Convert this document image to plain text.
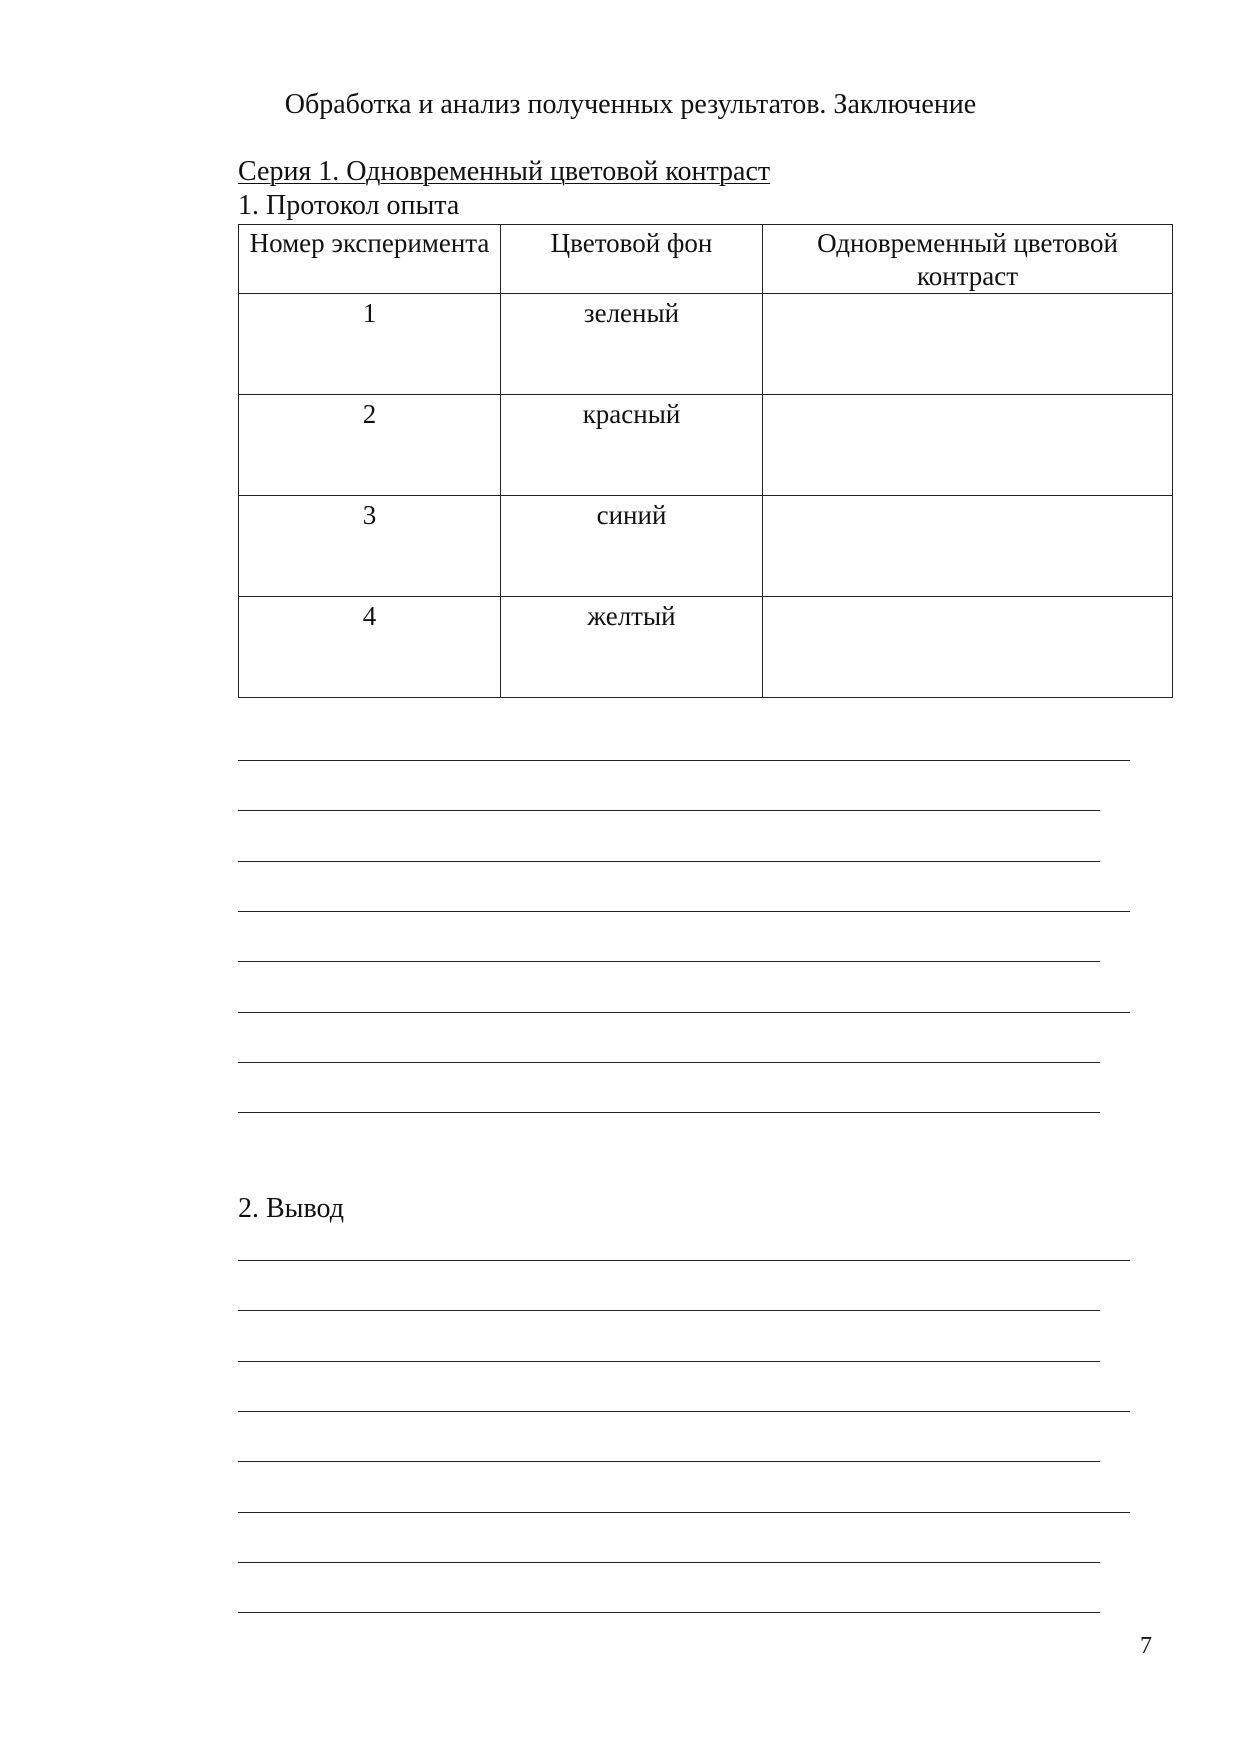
Обработка и анализ полученных результатов. Заключение
Серия 1. Одновременный цветовой контраст
1. Протокол опыта
Номер эксперимента	Цветовой фон	Одновременный цветовой контраст
1	зеленый	
2	красный	
3	синий	
4	желтый	
2. Вывод
7
